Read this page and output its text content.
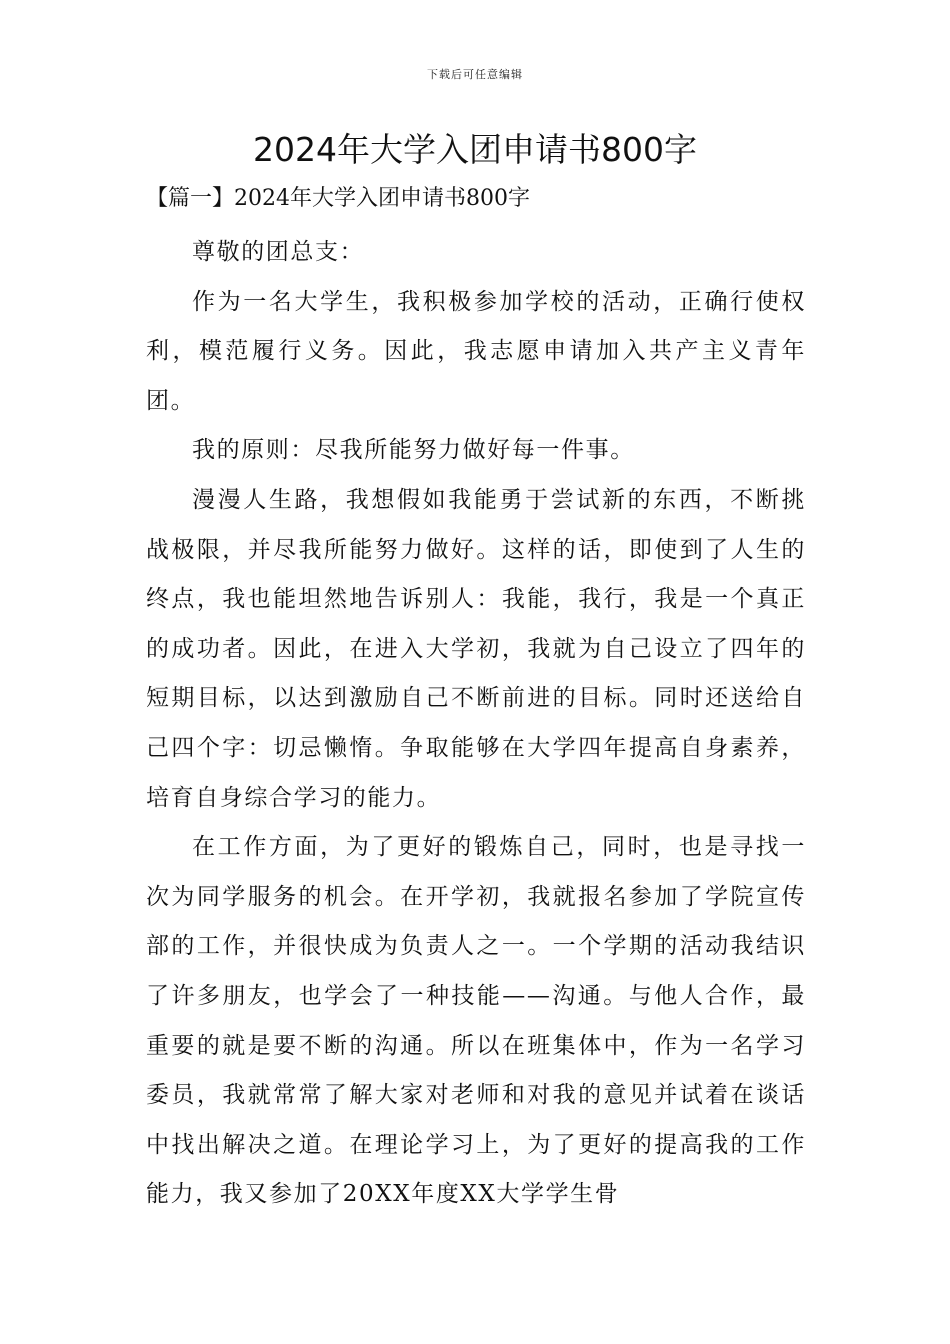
下载后可任意编辑
2024年大学入团申请书800字
【篇一】2024年大学入团申请书800字

尊敬的团总支：

作为一名大学生，我积极参加学校的活动，正确行使权利，模范履行义务。因此，我志愿申请加入共产主义青年团。

我的原则：尽我所能努力做好每一件事。

漫漫人生路，我想假如我能勇于尝试新的东西，不断挑战极限，并尽我所能努力做好。这样的话，即使到了人生的终点，我也能坦然地告诉别人：我能，我行，我是一个真正的成功者。因此，在进入大学初，我就为自己设立了四年的短期目标，以达到激励自己不断前进的目标。同时还送给自己四个字：切忌懒惰。争取能够在大学四年提高自身素养，培育自身综合学习的能力。

在工作方面，为了更好的锻炼自己，同时，也是寻找一次为同学服务的机会。在开学初，我就报名参加了学院宣传部的工作，并很快成为负责人之一。一个学期的活动我结识了许多朋友，也学会了一种技能——沟通。与他人合作，最重要的就是要不断的沟通。所以在班集体中，作为一名学习委员，我就常常了解大家对老师和对我的意见并试着在谈话中找出解决之道。在理论学习上，为了更好的提高我的工作能力，我又参加了20XX年度XX大学学生骨
